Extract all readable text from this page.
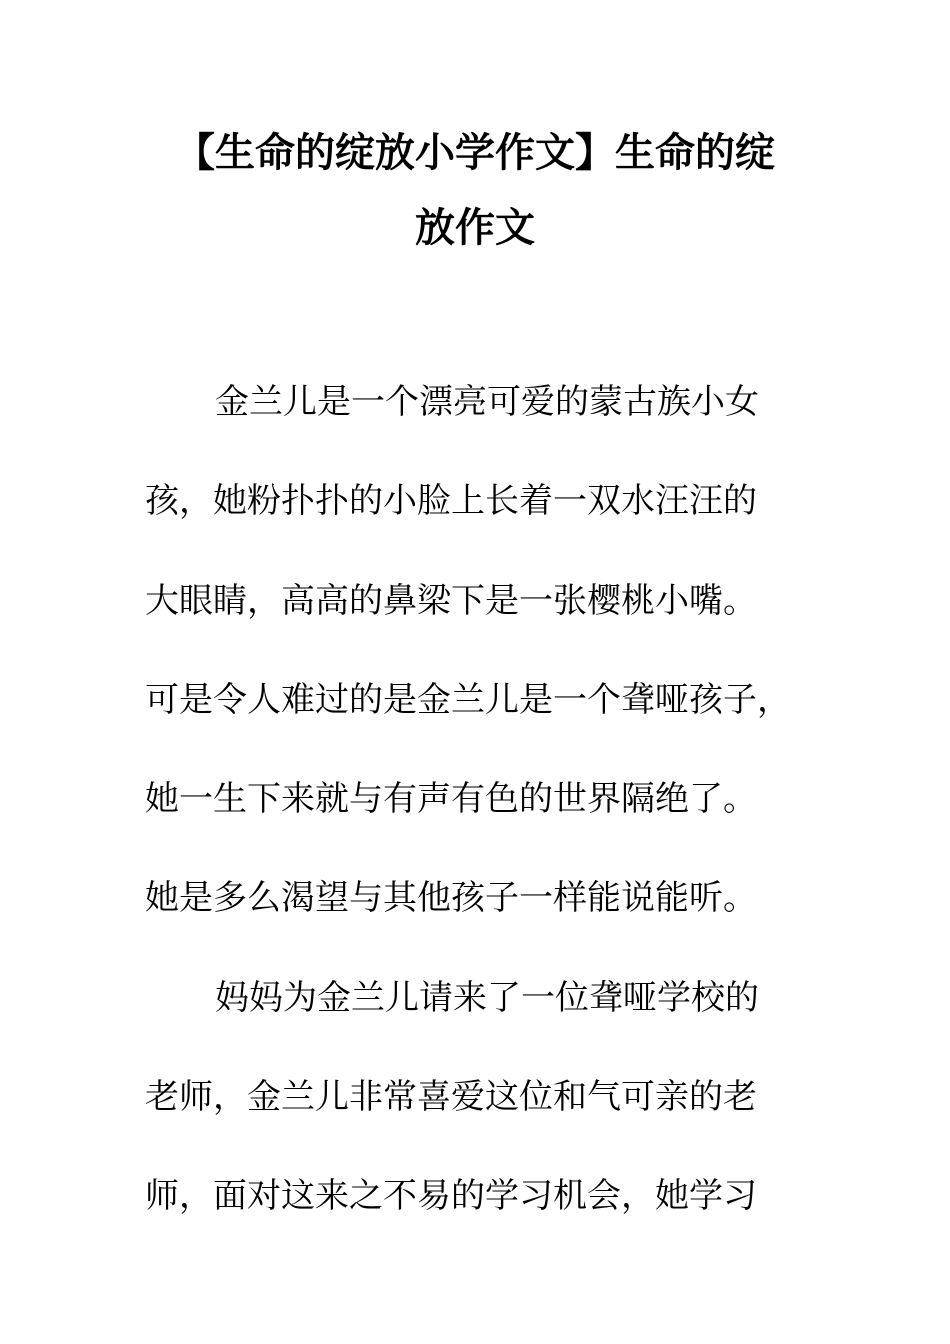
【生命的绽放小学作文】生命的绽
放作文
金兰儿是一个漂亮可爱的蒙古族小女
孩，她粉扑扑的小脸上长着一双水汪汪的
大眼睛，高高的鼻梁下是一张樱桃小嘴。
可是令人难过的是金兰儿是一个聋哑孩子，
她一生下来就与有声有色的世界隔绝了。
她是多么渴望与其他孩子一样能说能听。
妈妈为金兰儿请来了一位聋哑学校的
老师，金兰儿非常喜爱这位和气可亲的老
师，面对这来之不易的学习机会，她学习
